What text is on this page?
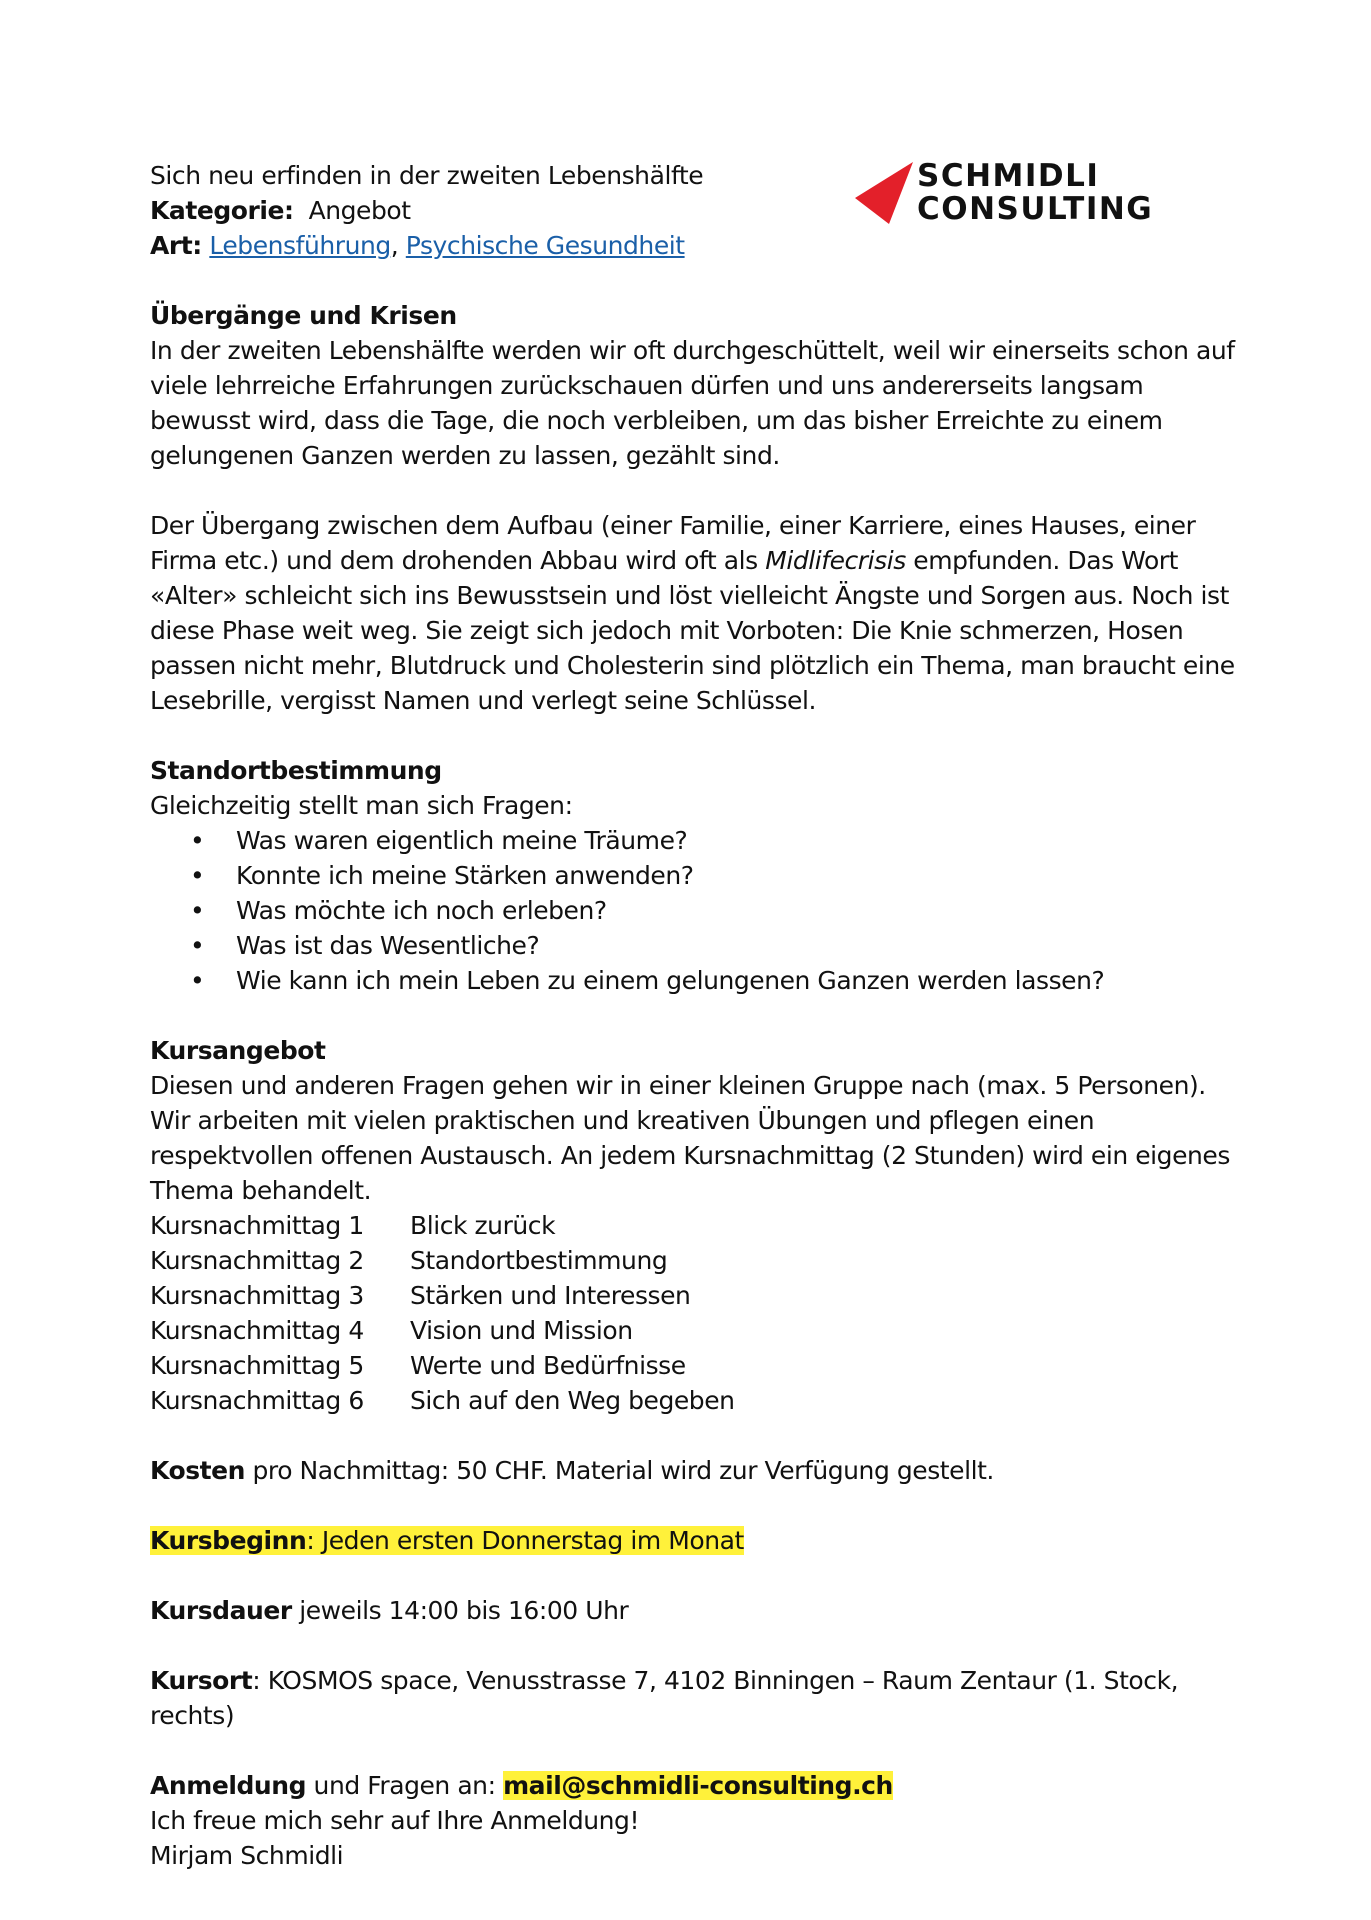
SCHMIDLI
CONSULTING

Sich neu erfinden in der zweiten Lebenshälfte

Kategorie: Angebot

Art: Lebensführung, Psychische Gesundheit

Übergänge und Krisen

In der zweiten Lebenshälfte werden wir oft durchgeschüttelt, weil wir einerseits schon auf viele lehrreiche Erfahrungen zurückschauen dürfen und uns andererseits langsam bewusst wird, dass die Tage, die noch verbleiben, um das bisher Erreichte zu einem gelungenen Ganzen werden zu lassen, gezählt sind.

Der Übergang zwischen dem Aufbau (einer Familie, einer Karriere, eines Hauses, einer Firma etc.) und dem drohenden Abbau wird oft als Midlifecrisis empfunden. Das Wort «Alter» schleicht sich ins Bewusstsein und löst vielleicht Ängste und Sorgen aus. Noch ist diese Phase weit weg. Sie zeigt sich jedoch mit Vorboten: Die Knie schmerzen, Hosen passen nicht mehr, Blutdruck und Cholesterin sind plötzlich ein Thema, man braucht eine Lesebrille, vergisst Namen und verlegt seine Schlüssel.

Standortbestimmung

Gleichzeitig stellt man sich Fragen:

• Was waren eigentlich meine Träume?
• Konnte ich meine Stärken anwenden?
• Was möchte ich noch erleben?
• Was ist das Wesentliche?
• Wie kann ich mein Leben zu einem gelungenen Ganzen werden lassen?

Kursangebot

Diesen und anderen Fragen gehen wir in einer kleinen Gruppe nach (max. 5 Personen). Wir arbeiten mit vielen praktischen und kreativen Übungen und pflegen einen respektvollen offenen Austausch. An jedem Kursnachmittag (2 Stunden) wird ein eigenes Thema behandelt.

Kursnachmittag 1	Blick zurück
Kursnachmittag 2	Standortbestimmung
Kursnachmittag 3	Stärken und Interessen
Kursnachmittag 4	Vision und Mission
Kursnachmittag 5	Werte und Bedürfnisse
Kursnachmittag 6	Sich auf den Weg begeben

Kosten pro Nachmittag: 50 CHF. Material wird zur Verfügung gestellt.

Kursbeginn: Jeden ersten Donnerstag im Monat

Kursdauer jeweils 14:00 bis 16:00 Uhr

Kursort: KOSMOS space, Venusstrasse 7, 4102 Binningen – Raum Zentaur (1. Stock, rechts)

Anmeldung und Fragen an: mail@schmidli-consulting.ch

Ich freue mich sehr auf Ihre Anmeldung!

Mirjam Schmidli
